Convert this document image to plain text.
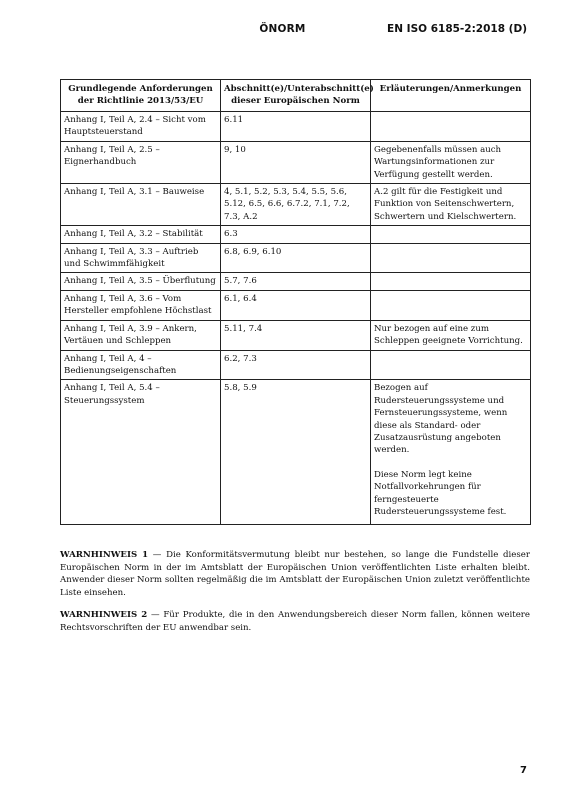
ÖNORM	EN ISO 6185-2:2018 (D)
Grundlegende Anforderungen der Richtlinie 2013/53/EU	Abschnitt(e)/Unterabschnitt(e) dieser Europäischen Norm	Erläuterungen/Anmerkungen
Anhang I, Teil A, 2.4 – Sicht vom Hauptsteuerstand	6.11	
Anhang I, Teil A, 2.5 – Eignerhandbuch	9, 10	Gegebenenfalls müssen auch Wartungsinformationen zur Verfügung gestellt werden.
Anhang I, Teil A, 3.1 – Bauweise	4, 5.1, 5.2, 5.3, 5.4, 5.5, 5.6, 5.12, 6.5, 6.6, 6.7.2, 7.1, 7.2, 7.3, A.2	A.2 gilt für die Festigkeit und Funktion von Seitenschwertern, Schwertern und Kielschwertern.
Anhang I, Teil A, 3.2 – Stabilität	6.3	
Anhang I, Teil A, 3.3 – Auftrieb und Schwimmfähigkeit	6.8, 6.9, 6.10	
Anhang I, Teil A, 3.5 – Überflutung	5.7, 7.6	
Anhang I, Teil A, 3.6 – Vom Hersteller empfohlene Höchstlast	6.1, 6.4	
Anhang I, Teil A, 3.9 – Ankern, Vertäuen und Schleppen	5.11, 7.4	Nur bezogen auf eine zum Schleppen geeignete Vorrichtung.
Anhang I, Teil A, 4 – Bedienungseigenschaften	6.2, 7.3	
Anhang I, Teil A, 5.4 – Steuerungssystem	5.8, 5.9	Bezogen auf Rudersteuerungssysteme und Fernsteuerungssysteme, wenn diese als Standard- oder Zusatzausrüstung angeboten werden.
Diese Norm legt keine Notfallvorkehrungen für ferngesteuerte Rudersteuerungssysteme fest.

WARNHINWEIS 1 — Die Konformitätsvermutung bleibt nur bestehen, so lange die Fundstelle dieser Europäischen Norm in der im Amtsblatt der Europäischen Union veröffentlichten Liste erhalten bleibt. Anwender dieser Norm sollten regelmäßig die im Amtsblatt der Europäischen Union zuletzt veröffentlichte Liste einsehen.

WARNHINWEIS 2 — Für Produkte, die in den Anwendungsbereich dieser Norm fallen, können weitere Rechtsvorschriften der EU anwendbar sein.

7
